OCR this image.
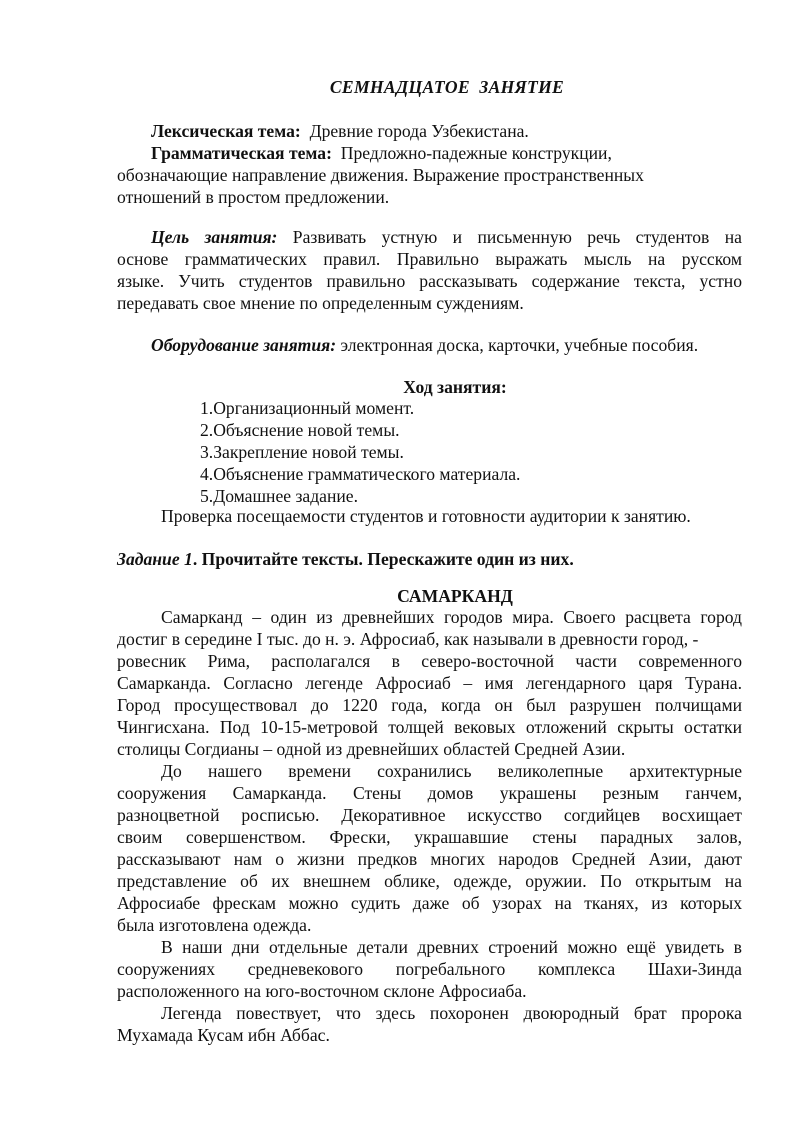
СЕМНАДЦАТОЕ  ЗАНЯТИЕ
Лексическая тема:  Древние города Узбекистана.
Грамматическая тема:  Предложно-падежные конструкции,
обозначающие направление движения. Выражение пространственных
отношений в простом предложении.
Цель занятия: Развивать устную и письменную речь студентов на
основе грамматических правил. Правильно выражать мысль на русском
языке. Учить студентов правильно рассказывать содержание текста, устно
передавать свое мнение по определенным суждениям.
Оборудование занятия: электронная доска, карточки, учебные пособия.
Ход занятия:
1.Организационный момент.
2.Объяснение новой темы.
3.Закрепление новой темы.
4.Объяснение грамматического материала.
5.Домашнее задание.
Проверка посещаемости студентов и готовности аудитории к занятию.
Задание 1. Прочитайте тексты. Перескажите один из них.
САМАРКАНД
Самарканд – один из древнейших городов мира. Своего расцвета город
достиг в середине I тыс. до н. э. Афросиаб, как называли в древности город, -
ровесник Рима, располагался в северо-восточной части современного
Самарканда. Согласно легенде Афросиаб – имя легендарного царя Турана.
Город просуществовал до 1220 года, когда он был разрушен полчищами
Чингисхана. Под 10-15-метровой толщей вековых отложений скрыты остатки
столицы Согдианы – одной из древнейших областей Средней Азии.
До нашего времени сохранились великолепные архитектурные
сооружения Самарканда. Стены домов украшены резным ганчем,
разноцветной росписью. Декоративное искусство согдийцев восхищает
своим совершенством. Фрески, украшавшие стены парадных залов,
рассказывают нам о жизни предков многих народов Средней Азии, дают
представление об их внешнем облике, одежде, оружии. По открытым на
Афросиабе фрескам можно судить даже об узорах на тканях, из которых
была изготовлена одежда.
В наши дни отдельные детали древних строений можно ещё увидеть в
сооружениях средневекового погребального комплекса Шахи-Зинда
расположенного на юго-восточном склоне Афросиаба.
Легенда повествует, что здесь похоронен двоюродный брат пророка
Мухамада Кусам ибн Аббас.
